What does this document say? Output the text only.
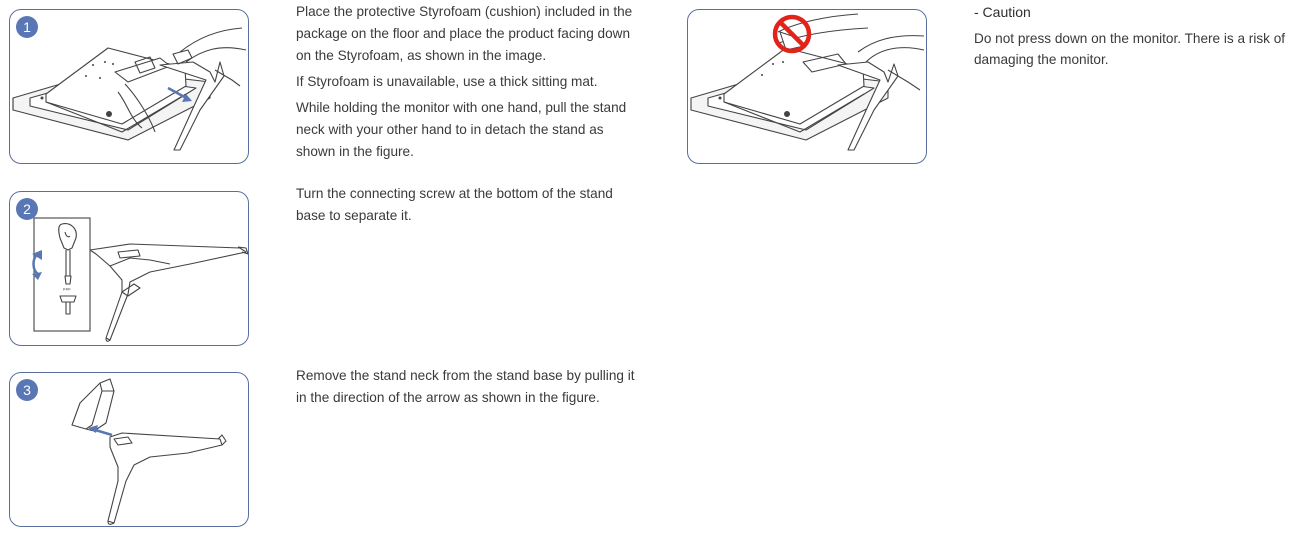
1
2
ᵖᵖᵖ
3

Place the protective Styrofoam (cushion) included in the package on the floor and place the product facing down on the Styrofoam, as shown in the image.

If Styrofoam is unavailable, use a thick sitting mat.

While holding the monitor with one hand, pull the stand neck with your other hand to in detach the stand as shown in the figure.

Turn the connecting screw at the bottom of the stand base to separate it.

Remove the stand neck from the stand base by pulling it in the direction of the arrow as shown in the figure.

- Caution
Do not press down on the monitor. There is a risk of damaging the monitor.
